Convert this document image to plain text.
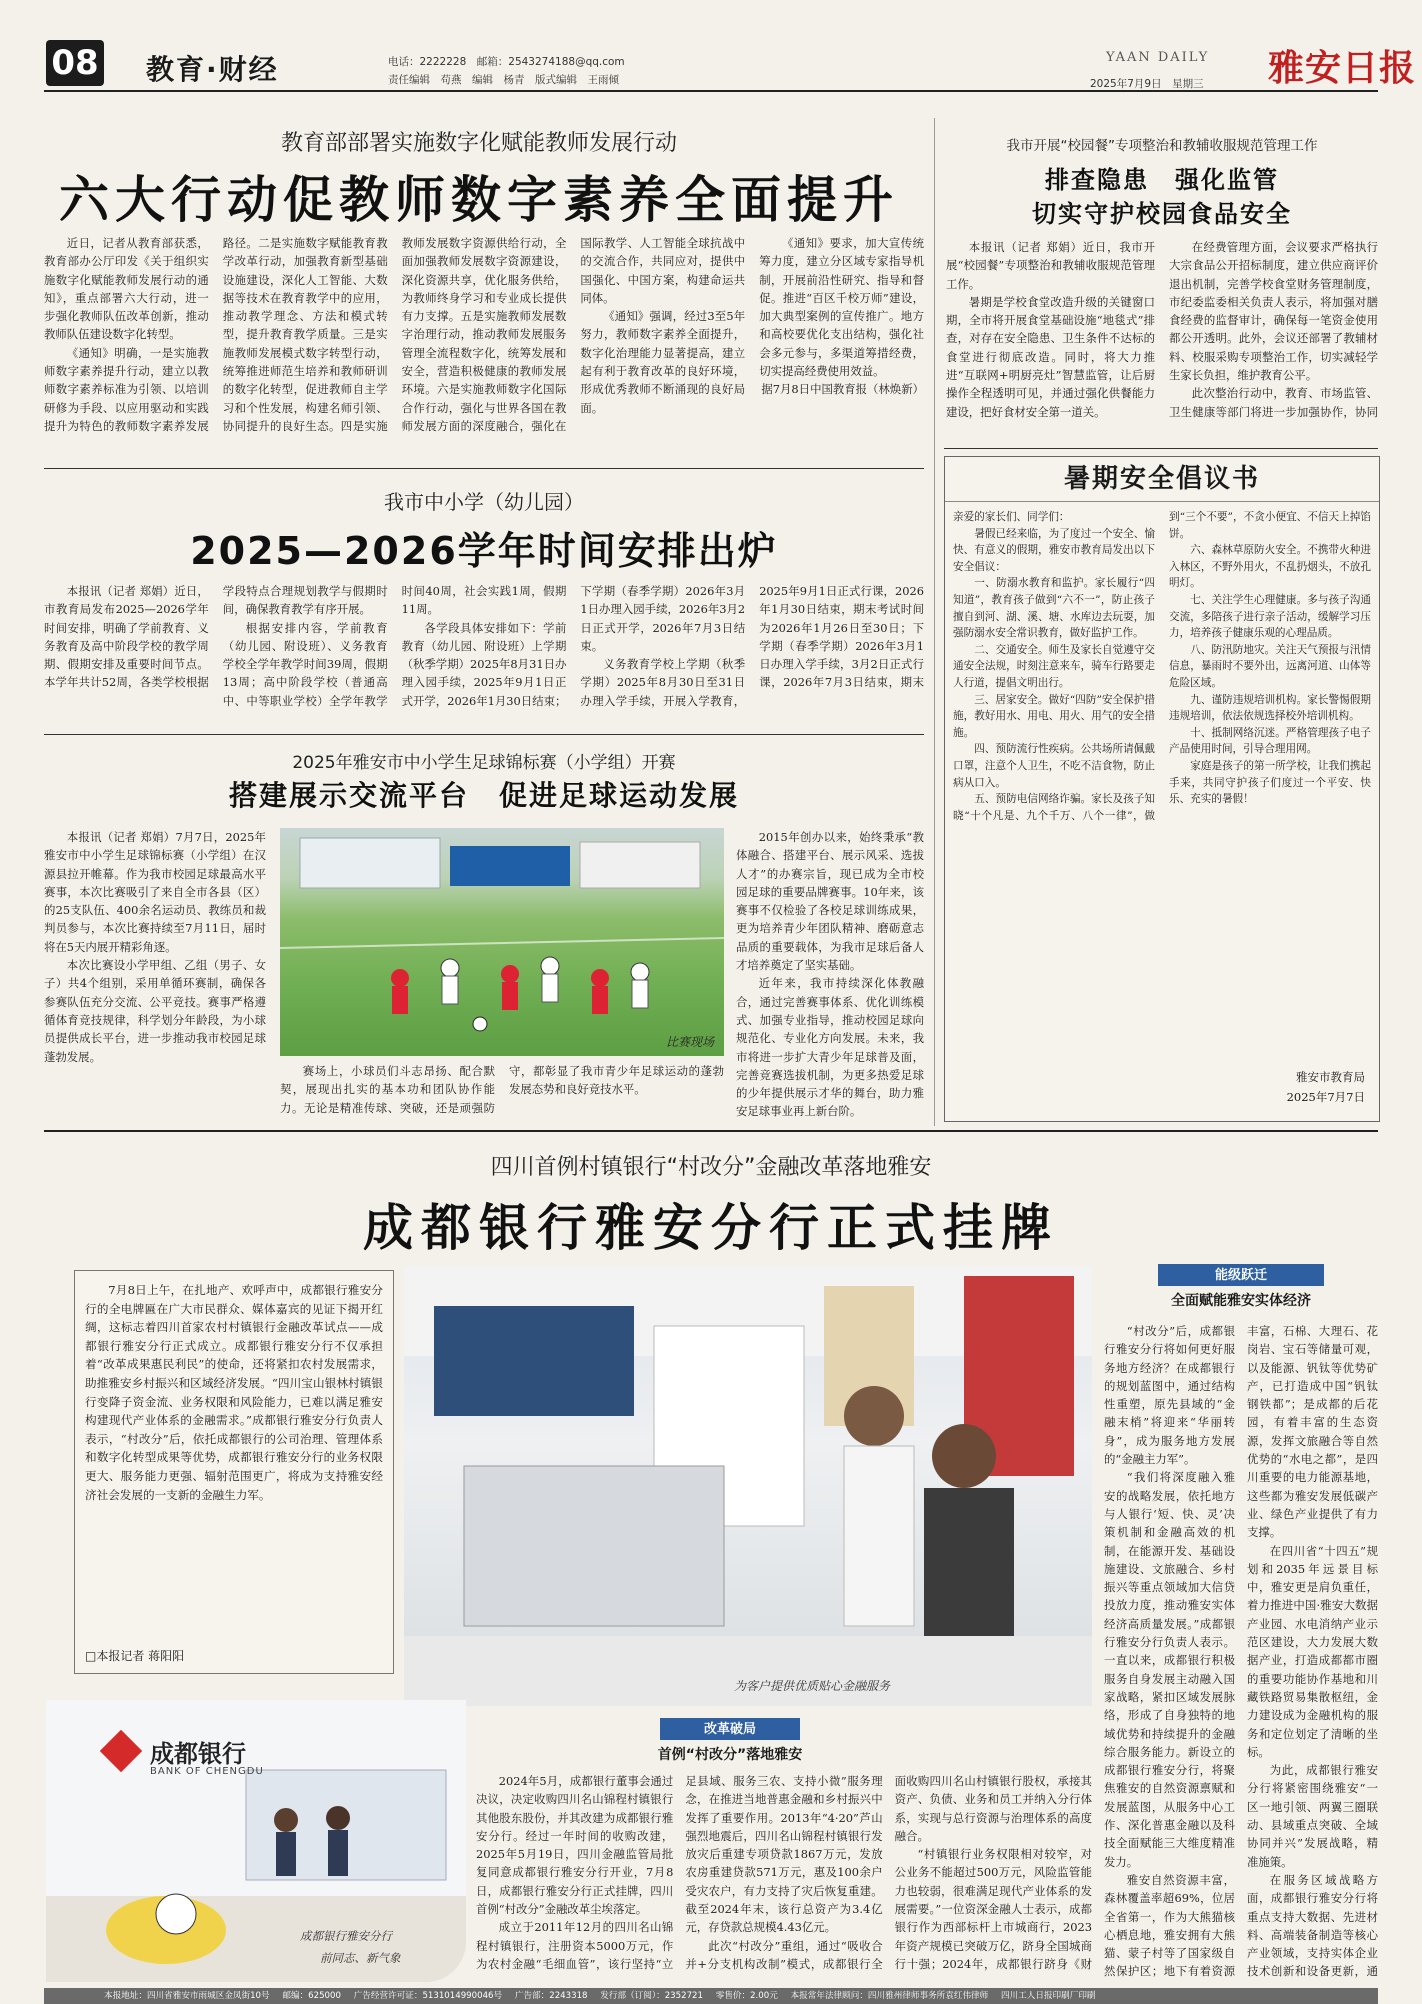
08 教育·财经	电话：2222228　邮箱：2543274188@qq.com
责任编辑　苟燕　编辑　杨青　版式编辑　王雨倾
YAAN DAILY
2025年7月9日　星期三 雅安日报
教育部部署实施数字化赋能教师发展行动
六大行动促教师数字素养全面提升

近日，记者从教育部获悉，教育部办公厅印发《关于组织实施数字化赋能教师发展行动的通知》，重点部署六大行动，进一步强化教师队伍改革创新，推动教师队伍建设数字化转型。

《通知》明确，一是实施教师数字素养提升行动，建立以教师数字素养标准为引领、以培训研修为手段、以应用驱动和实践提升为特色的教师数字素养发展路径。二是实施数字赋能教育教学改革行动，加强教育新型基础设施建设，深化人工智能、大数据等技术在教育教学中的应用，推动教学理念、方法和模式转型，提升教育教学质量。三是实施教师发展模式数字转型行动，统筹推进师范生培养和教师研训的数字化转型，促进教师自主学习和个性发展，构建名师引领、协同提升的良好生态。四是实施教师发展数字资源供给行动，全面加强教师发展数字资源建设，深化资源共享，优化服务供给，为教师终身学习和专业成长提供有力支撑。五是实施教师发展数字治理行动，推动教师发展服务管理全流程数字化，统筹发展和安全，营造积极健康的教师发展环境。六是实施教师数字化国际合作行动，强化与世界各国在教师发展方面的深度融合，强化在国际教学、人工智能全球抗战中的交流合作，共同应对，提供中国强化、中国方案，构建命运共同体。

《通知》强调，经过3至5年努力，教师数字素养全面提升，数字化治理能力显著提高，建立起有利于教育改革的良好环境，形成优秀教师不断涌现的良好局面。

《通知》要求，加大宣传统筹力度，建立分区域专家指导机制，开展前沿性研究、指导和督促。推进“百区千校万师”建设，加大典型案例的宣传推广。地方和高校要优化支出结构，强化社会多元参与，多渠道筹措经费，切实提高经费使用效益。

据7月8日中国教育报（林焕新）

我市开展“校园餐”专项整治和教辅收服规范管理工作
排查隐患　强化监管
切实守护校园食品安全

本报讯（记者 郑娟）近日，我市开展“校园餐”专项整治和教辅收服规范管理工作。

暑期是学校食堂改造升级的关键窗口期，全市将开展食堂基础设施“地毯式”排查，对存在安全隐患、卫生条件不达标的食堂进行彻底改造。同时，将大力推进“互联网+明厨亮灶”智慧监管，让后厨操作全程透明可见，并通过强化供餐能力建设，把好食材安全第一道关。

在经费管理方面，会议要求严格执行大宗食品公开招标制度，建立供应商评价退出机制，完善学校食堂财务管理制度，市纪委监委相关负责人表示，将加强对膳食经费的监督审计，确保每一笔资金使用都公开透明。此外，会议还部署了教辅材料、校服采购专项整治工作，切实减轻学生家长负担，维护教育公平。

此次整治行动中，教育、市场监管、卫生健康等部门将进一步加强协作，协同

我市中小学（幼儿园）
2025—2026学年时间安排出炉

本报讯（记者 郑娟）近日，市教育局发布2025—2026学年时间安排，明确了学前教育、义务教育及高中阶段学校的教学周期、假期安排及重要时间节点。本学年共计52周，各类学校根据学段特点合理规划教学与假期时间，确保教育教学有序开展。

根据安排内容，学前教育（幼儿园、附设班）、义务教育学校全学年教学时间39周，假期13周；高中阶段学校（普通高中、中等职业学校）全学年教学时间40周，社会实践1周，假期11周。

各学段具体安排如下：学前教育（幼儿园、附设班）上学期（秋季学期）2025年8月31日办理入园手续，2025年9月1日正式开学，2026年1月30日结束；下学期（春季学期）2026年3月1日办理入园手续，2026年3月2日正式开学，2026年7月3日结束。

义务教育学校上学期（秋季学期）2025年8月30日至31日办理入学手续，开展入学教育，2025年9月1日正式行课，2026年1月30日结束，期末考试时间为2026年1月26日至30日；下学期（春季学期）2026年3月1日办理入学手续，3月2日正式行课，2026年7月3日结束，期末

2025年雅安市中小学生足球锦标赛（小学组）开赛
搭建展示交流平台　促进足球运动发展

本报讯（记者 郑娟）7月7日，2025年雅安市中小学生足球锦标赛（小学组）在汉源县拉开帷幕。作为我市校园足球最高水平赛事，本次比赛吸引了来自全市各县（区）的25支队伍、400余名运动员、教练员和裁判员参与，本次比赛持续至7月11日，届时将在5天内展开精彩角逐。

本次比赛设小学甲组、乙组（男子、女子）共4个组别，采用单循环赛制，确保各参赛队伍充分交流、公平竞技。赛事严格遵循体育竞技规律，科学划分年龄段，为小球员提供成长平台，进一步推动我市校园足球蓬勃发展。

比赛现场

赛场上，小球员们斗志昂扬、配合默契，展现出扎实的基本功和团队协作能力。无论是精准传球、突破，还是顽强防守，都彰显了我市青少年足球运动的蓬勃发展态势和良好竞技水平。

2015年创办以来，始终秉承“教体融合、搭建平台、展示风采、选拔人才”的办赛宗旨，现已成为全市校园足球的重要品牌赛事。10年来，该赛事不仅检验了各校足球训练成果，更为培养青少年团队精神、磨砺意志品质的重要载体，为我市足球后备人才培养奠定了坚实基础。

近年来，我市持续深化体教融合，通过完善赛事体系、优化训练模式、加强专业指导，推动校园足球向规范化、专业化方向发展。未来，我市将进一步扩大青少年足球普及面，完善竞赛选拔机制，为更多热爱足球的少年提供展示才华的舞台，助力雅安足球事业再上新台阶。

暑期安全倡议书

亲爱的家长们、同学们：

暑假已经来临，为了度过一个安全、愉快、有意义的假期，雅安市教育局发出以下安全倡议：

一、防溺水教育和监护。家长履行“四知道”，教育孩子做到“六不一”，防止孩子擅自到河、湖、溪、塘、水库边去玩耍，加强防溺水安全常识教育，做好监护工作。

二、交通安全。师生及家长自觉遵守交通安全法规，时刻注意来车，骑车行路要走人行道，提倡文明出行。

三、居家安全。做好“四防”安全保护措施，教好用水、用电、用火、用气的安全措施。

四、预防流行性疾病。公共场所请佩戴口罩，注意个人卫生，不吃不洁食物，防止病从口入。

五、预防电信网络诈骗。家长及孩子知晓“十个凡是、九个千万、八个一律”，做到“三个不要”，不贪小便宜、不信天上掉馅饼。

六、森林草原防火安全。不携带火种进入林区，不野外用火，不乱扔烟头，不放孔明灯。

七、关注学生心理健康。多与孩子沟通交流，多陪孩子进行亲子活动，缓解学习压力，培养孩子健康乐观的心理品质。

八、防汛防地灾。关注天气预报与汛情信息，暴雨时不要外出，远离河道、山体等危险区域。

九、谨防违规培训机构。家长警惕假期违规培训，依法依规选择校外培训机构。

十、抵制网络沉迷。严格管理孩子电子产品使用时间，引导合理用网。

家庭是孩子的第一所学校，让我们携起手来，共同守护孩子们度过一个平安、快乐、充实的暑假！

雅安市教育局
2025年7月7日
四川首例村镇银行“村改分”金融改革落地雅安
成都银行雅安分行正式挂牌

7月8日上午，在扎地产、欢呼声中，成都银行雅安分行的全电牌匾在广大市民群众、媒体嘉宾的见证下揭开红绸，这标志着四川首家农村村镇银行金融改革试点——成都银行雅安分行正式成立。成都银行雅安分行不仅承担着“改革成果惠民利民”的使命，还将紧扣农村发展需求，助推雅安乡村振兴和区域经济发展。“四川宝山银林村镇银行变降子资金流、业务权限和风险能力，已难以满足雅安构建现代产业体系的金融需求。”成都银行雅安分行负责人表示，“村改分”后，依托成都银行的公司治理、管理体系和数字化转型成果等优势，成都银行雅安分行的业务权限更大、服务能力更强、辐射范围更广，将成为支持雅安经济社会发展的一支新的金融生力军。

□本报记者 蒋阳阳
为客户提供优质贴心金融服务
能级跃迁
全面赋能雅安实体经济

“村改分”后，成都银行雅安分行将如何更好服务地方经济？在成都银行的规划蓝图中，通过结构性重塑，原先县域的“金融末梢”将迎来“华丽转身”，成为服务地方发展的“金融主力军”。

“我们将深度融入雅安的战略发展，依托地方与人银行‘短、快、灵’决策机制和金融高效的机制，在能源开发、基础设施建设、文旅融合、乡村振兴等重点领域加大信贷投放力度，推动雅安实体经济高质量发展。”成都银行雅安分行负责人表示。一直以来，成都银行积极服务自身发展主动融入国家战略，紧扣区域发展脉络，形成了自身独特的地域优势和持续提升的金融综合服务能力。新设立的成都银行雅安分行，将聚焦雅安的自然资源禀赋和发展蓝图，从服务中心工作、深化普惠金融以及科技全面赋能三大维度精准发力。

雅安自然资源丰富，森林覆盖率超69%，位居全省第一，作为大熊猫核心栖息地，雅安拥有大熊猫、蒙子村等了国家级自然保护区；地下有着资源丰富，石棉、大理石、花岗岩、宝石等储量可观，以及能源、钒钛等优势矿产，已打造成中国“钒钛钢铁都”；是成都的后花园，有着丰富的生态资源，发挥文旅融合等自然优势的“水电之都”，是四川重要的电力能源基地，这些都为雅安发展低碳产业、绿色产业提供了有力支撑。

在四川省“十四五”规划和2035年远景目标中，雅安更是肩负重任，着力推进中国·雅安大数据产业园、水电消纳产业示范区建设，大力发展大数据产业，打造成都都市圈的重要功能协作基地和川藏铁路贸易集散枢纽，金力建设成为金融机构的服务和定位划定了清晰的坐标。

为此，成都银行雅安分行将紧密围绕雅安“一区一地引领、两翼三圈联动、县域重点突破、全域协同并兴”发展战略，精准施策。

在服务区域战略方面，成都银行雅安分行将重点支持大数据、先进材料、高端装备制造等核心产业领域，支持实体企业技术创新和设备更新，通

改革破局
首例“村改分”落地雅安
成都银行
BANK OF CHENGDU
成都银行雅安分行
前同志、新气象

2024年5月，成都银行董事会通过决议，决定收购四川名山锦程村镇银行其他股东股份，并其改建为成都银行雅安分行。经过一年时间的收购改建，2025年5月19日，四川金融监管局批复同意成都银行雅安分行开业，7月8日，成都银行雅安分行正式挂牌，四川首例“村改分”金融改革尘埃落定。

成立于2011年12月的四川名山锦程村镇银行，注册资本5000万元，作为农村金融“毛细血管”，该行坚持“立足县域、服务三农、支持小微”服务理念，在推进当地普惠金融和乡村振兴中发挥了重要作用。2013年“4·20”芦山强烈地震后，四川名山锦程村镇银行发放灾后重建专项贷款1867万元，发放农房重建贷款571万元，惠及100余户受灾农户，有力支持了灾后恢复重建。截至2024年末，该行总资产为3.4亿元，存贷款总规模4.43亿元。

此次“村改分”重组，通过“吸收合并+分支机构改制”模式，成都银行全面收购四川名山村镇银行股权，承接其资产、负债、业务和员工并纳入分行体系，实现与总行资源与治理体系的高度融合。

“村镇银行业务权限相对较窄，对公业务不能超过500万元，风险监管能力也较弱，很难满足现代产业体系的发展需要。”一位资深金融人士表示，成都银行作为西部标杆上市城商行，2023年资产规模已突破万亿，跻身全国城商行十强；2024年，成都银行跻身《财

本报地址：四川省雅安市雨城区金凤街10号 邮编：625000 广告经营许可证：5131014990046号 广告部：2243318 发行部（订阅）：2352721 零售价：2.00元 本报常年法律顾问：四川雅州律师事务所袁红伟律师 四川工人日报印刷厂印刷
